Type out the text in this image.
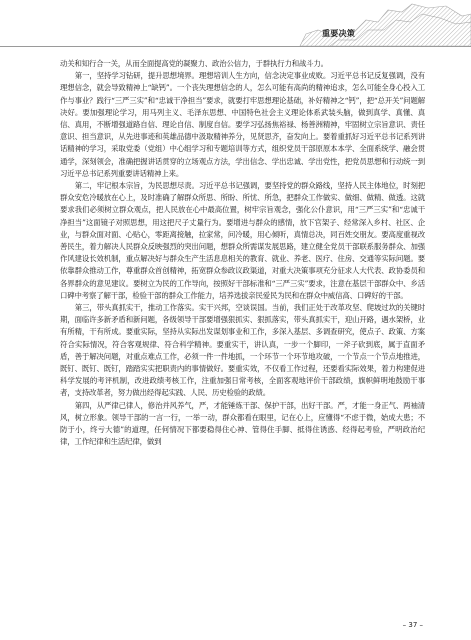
重要决策

动关和知行合一关，从而全面提高党的凝聚力、政治公信力，于群执行力和战斗力。

第一，坚持学习钻研，提升思想境界。理想培训人生方向，信念决定事业成败。习近平总书记反复强调，没有理想信念，就会导致精神上“缺钙”。一个丧失理想信念的人，怎么可能有高尚的精神追求，怎么可能全身心投入工作与事业？践行“三严三实”和“忠诚干净担当”要求，就要打牢思想理论基础，补好精神之“钙”，把“总开关”问题解决好。要加强理论学习，用马列主义、毛泽东思想、中国特色社会主义理论体系武装头脑，做到真学、真懂、真信、真用，不断增强道路自信、理论自信、制度自信。要学习弘扬焦裕禄、杨善洲精神，牢固树立宗旨意识、责任意识、担当意识，从先进事迹和英雄品德中汲取精神养分，见贤思齐，奋发向上。要着重抓好习近平总书记系列讲话精神的学习，采取党委（党组）中心组学习和专题培训等方式，组织党员干部原原本本学、全面系统学、融会贯通学，深刻领会，准确把握讲话贯穿的立场观点方法，学出信念、学出忠诚、学出党性，把党员思想和行动统一到习近平总书记系列重要讲话精神上来。

第二，牢记根本宗旨，为民思想尽责。习近平总书记强调，要坚持党的群众路线，坚持人民主体地位，时刻把群众安危冷暖放在心上，及时准确了解群众所思、所盼、所忧、所急，把群众工作做实、做细、做精、做透。这就要求我们必须树立群众观点，把人民放在心中最高位置，树牢宗旨观念，强化公仆意识，用“三严三实”和“忠诚干净担当”这面镜子对照思想，用这把尺子丈量行为。要增进与群众的感情，放下官架子、经常深入乡村、社区、企业，与群众面对面、心贴心，零距离接触，拉家常，问冷暖，用心倾听，真情总决，同百姓交朋友。要高度重视改善民生，着力解决人民群众反映强烈的突出问题，想群众所需谋发展思路，建立健全党员干部联系服务群众、加强作风建设长效机制，重点解决好与群众生产生活息息相关的教育、就业、养老、医疗、住房、交通等实际问题。要依靠群众推动工作，尊重群众首创精神，拓宽群众参政议政渠道，对重大决策事项充分征求人大代表、政协委员和各界群众的意见建议。要树立为民的工作导向，按照好干部标准和“三严三实”要求，注意在基层干部群众中、乡活口碑中考察了解干部，检验干部的群众工作能力，培养选拔亲民爱民为民和在群众中威信高、口碑好的干部。

第三，带头真抓实干，推动工作落实。实干兴邦，空谈误国。当前，我们正处于改革攻坚、爬坡过坎的关键时期，面临许多新矛盾和新问题，各级领导干部要增强狠抓实、狠抓落实，带头真抓实干，迎山开路，遇水架桥，业有所精，干有所成。要重实际，坚持从实际出发谋划事业和工作，多深入基层、多调查研究，使点子、政策、方案符合实际情况，符合客观规律、符合科学精神。要重实干，讲认真，一步一个脚印，一斧子砍到底，属于直面矛盾，善于解决问题，对重点难点工作，必须一件一件地抓，一个环节一个环节地攻破，一个节点一个节点地推进，既钉、既钉、既钉，踏踏实实把职责内的事情做好。要重实效，不仅看工作过程，还要看实际效果，着力构建促进科学发展的考评机制，改进政绩考核工作，注重加强日常考核，全面客观地评价干部政绩，旗帜鲜明地鼓励干事者，支持改革者，努力做出经得起实践、人民、历史检验的政绩。

第四，从严律己律人，修治并风养气，严，才能锤炼干部、保护干部，出好干部。严，才能一身正气、两袖清风，树立形象。领导干部的一言一行，一举一动，群众都看在眼里，记在心上，应懂得“不虑于微，始成大患；不防于小，终亏大德”的道理，任何情况下都要稳得住心神、管得住手脚、抵得住诱惑、经得起考验，严明政治纪律，工作纪律和生活纪律，做到

– 37 –
